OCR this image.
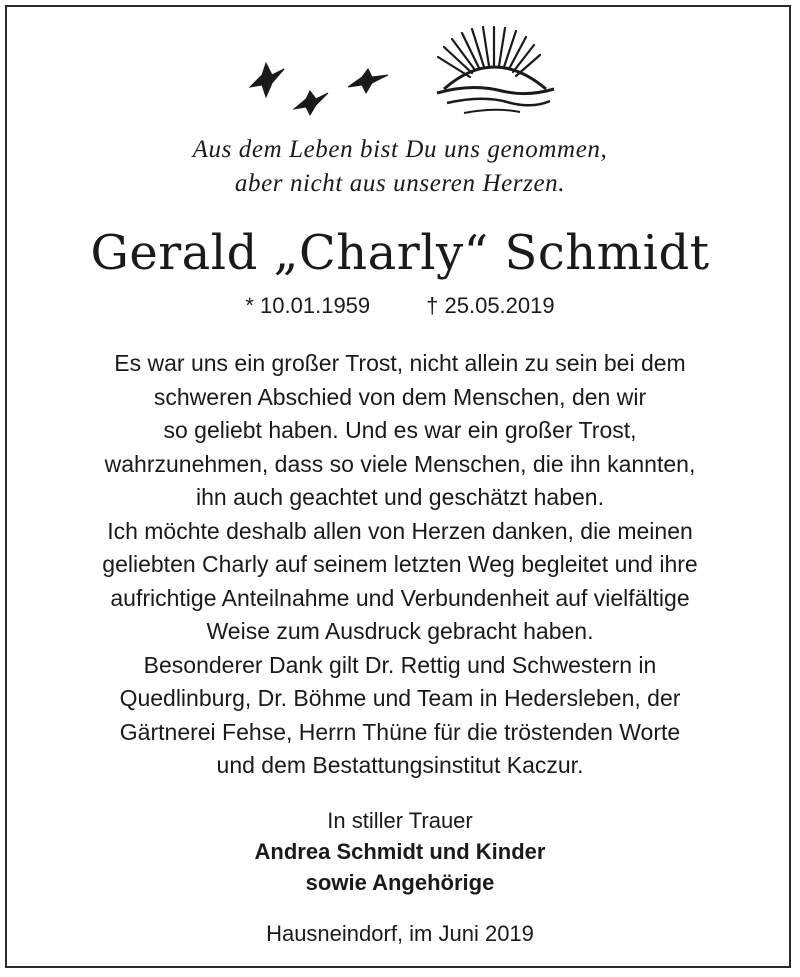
Aus dem Leben bist Du uns genommen,
aber nicht aus unseren Herzen.
Gerald „Charly“ Schmidt
* 10.01.1959	† 25.05.2019
Es war uns ein großer Trost, nicht allein zu sein bei dem
schweren Abschied von dem Menschen, den wir
so geliebt haben. Und es war ein großer Trost,
wahrzunehmen, dass so viele Menschen, die ihn kannten,
ihn auch geachtet und geschätzt haben.
Ich möchte deshalb allen von Herzen danken, die meinen
geliebten Charly auf seinem letzten Weg begleitet und ihre
aufrichtige Anteilnahme und Verbundenheit auf vielfältige
Weise zum Ausdruck gebracht haben.
Besonderer Dank gilt Dr. Rettig und Schwestern in
Quedlinburg, Dr. Böhme und Team in Hedersleben, der
Gärtnerei Fehse, Herrn Thüne für die tröstenden Worte
und dem Bestattungsinstitut Kaczur.
In stiller Trauer
Andrea Schmidt und Kinder
sowie Angehörige
Hausneindorf, im Juni 2019
